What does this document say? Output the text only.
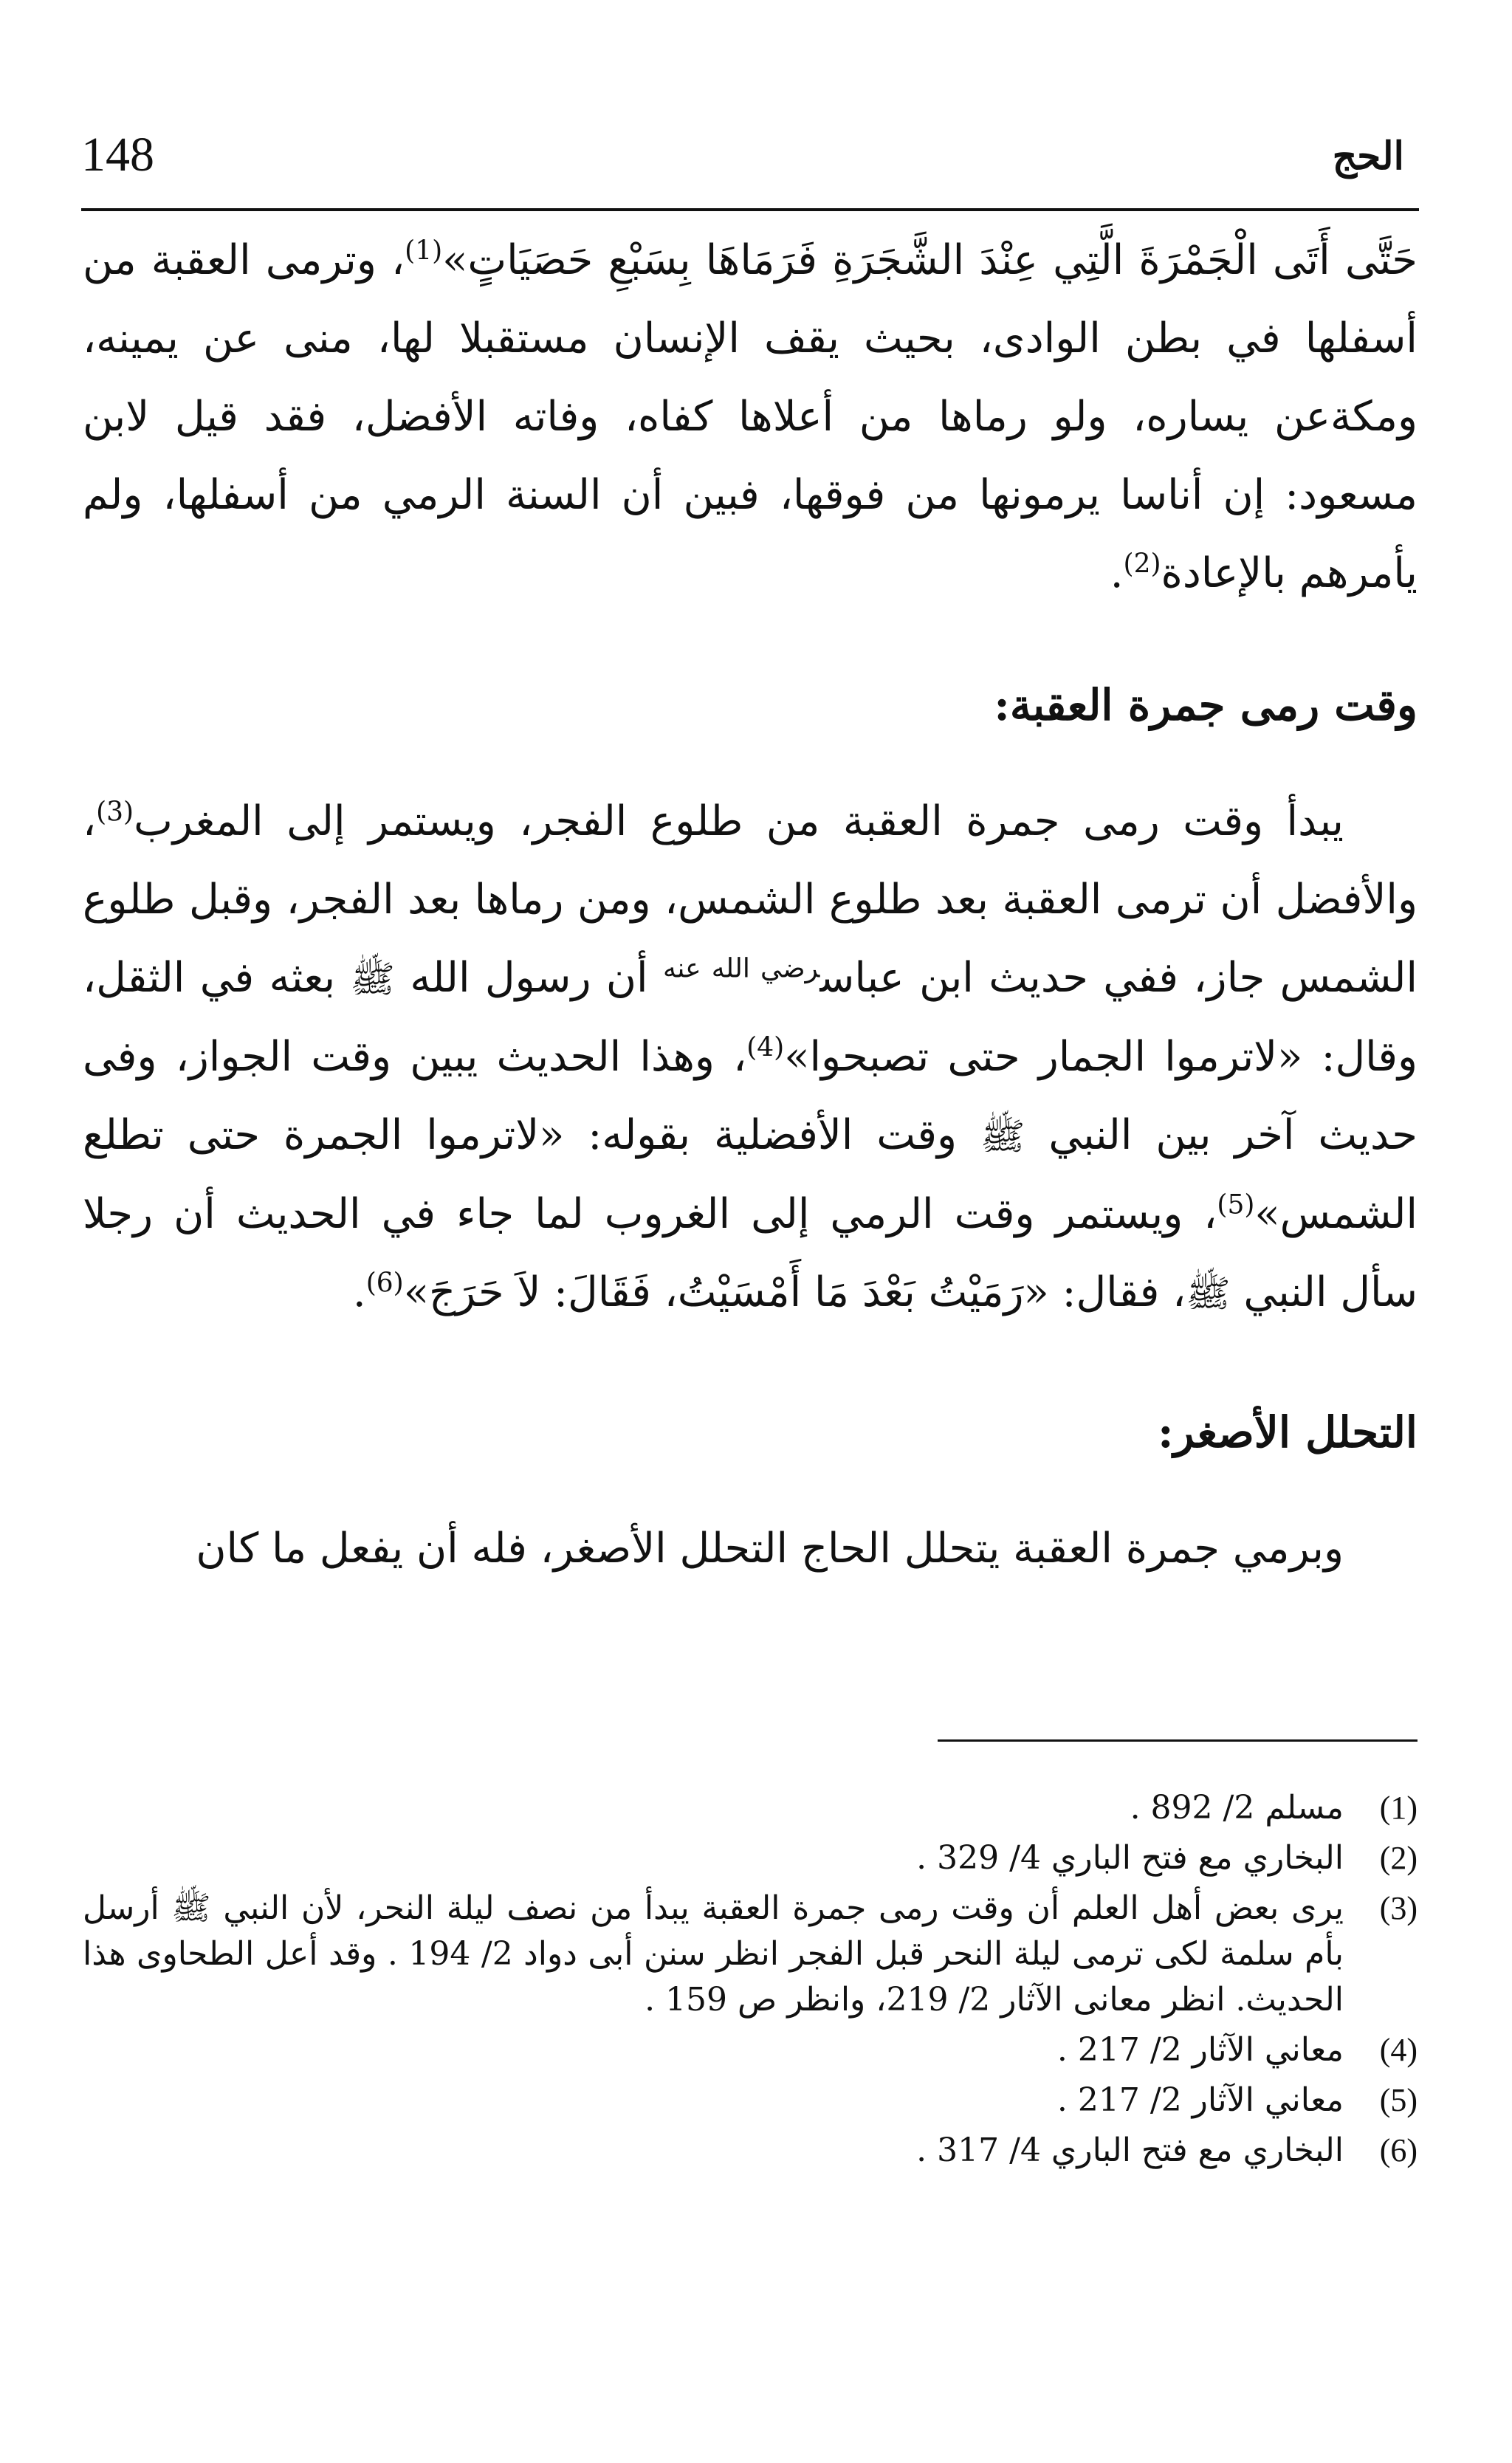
148	الحج

حَتَّى أَتَى الْجَمْرَةَ الَّتِي عِنْدَ الشَّجَرَةِ فَرَمَاهَا بِسَبْعِ حَصَيَاتٍ»$^{(1)}$، وترمى العقبة من أسفلها في بطن الوادى، بحيث يقف الإنسان مستقبلا لها، منى عن يمينه، ومكةعن يساره، ولو رماها من أعلاها كفاه، وفاته الأفضل، فقد قيل لابن مسعود: إن أناسا يرمونها من فوقها، فبين أن السنة الرمي من أسفلها، ولم يأمرهم بالإعادة$^{(2)}$.

وقت رمى جمرة العقبة:

يبدأ وقت رمى جمرة العقبة من طلوع الفجر، ويستمر إلى المغرب$^{(3)}$، والأفضل أن ترمى العقبة بعد طلوع الشمس، ومن رماها بعد الفجر، وقبل طلوع الشمس جاز، ففي حديث ابن عباس$^{رضي الله عنه}$ أن رسول الله ﷺ بعثه في الثقل، وقال: «لاترموا الجمار حتى تصبحوا»$^{(4)}$، وهذا الحديث يبين وقت الجواز، وفى حديث آخر بين النبي ﷺ وقت الأفضلية بقوله: «لاترموا الجمرة حتى تطلع الشمس»$^{(5)}$، ويستمر وقت الرمي إلى الغروب لما جاء في الحديث أن رجلا سأل النبي ﷺ، فقال: «رَمَيْتُ بَعْدَ مَا أَمْسَيْتُ، فَقَالَ: لاَ حَرَجَ»$^{(6)}$.

التحلل الأصغر:

وبرمي جمرة العقبة يتحلل الحاج التحلل الأصغر، فله أن يفعل ما كان

(1)
مسلم 2/ 892 .

(2)
البخاري مع فتح الباري 4/ 329 .

(3)
يرى بعض أهل العلم أن وقت رمى جمرة العقبة يبدأ من نصف ليلة النحر، لأن النبي ﷺ أرسل بأم سلمة لكى ترمى ليلة النحر قبل الفجر انظر سنن أبى دواد 2/ 194 . وقد أعل الطحاوى هذا الحديث. انظر معانى الآثار 2/ 219، وانظر ص 159 .

(4)
معاني الآثار 2/ 217 .

(5)
معاني الآثار 2/ 217 .

(6)
البخاري مع فتح الباري 4/ 317 .
